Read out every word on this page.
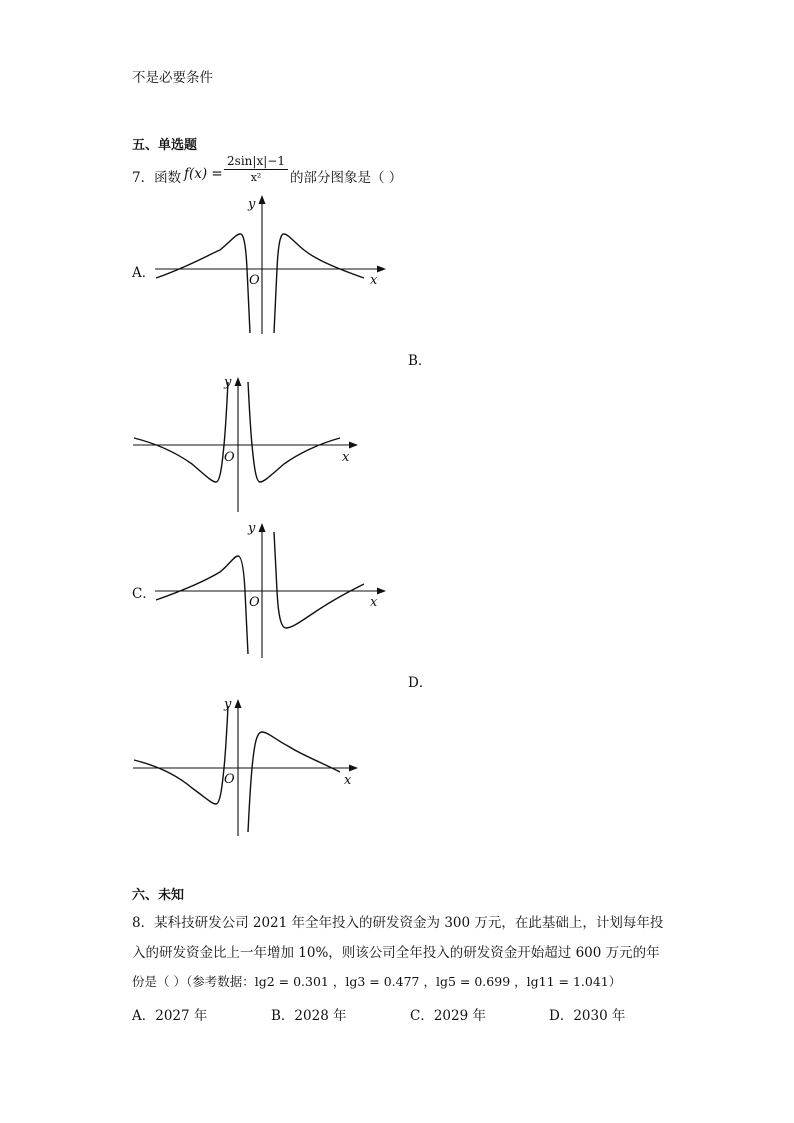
不是必要条件
五、单选题
7．函数 $f(x) = \frac{2\sin|x|-1}{\text{x²}}$ 的部分图象是（ ）
A．	x
y
O
B．
x
y
O
C．
x
y
O
D．
x
y
O
六、未知
8．某科技研发公司 2021 年全年投入的研发资金为 300 万元，在此基础上，计划每年投
入的研发资金比上一年增加 10%，则该公司全年投入的研发资金开始超过 600 万元的年
份是（ ）（参考数据：lg2 = 0.301 ，lg3 = 0.477 ，lg5 = 0.699 ，lg11 = 1.041）
A．2027 年	B．2028 年	C．2029 年	D．2030 年
